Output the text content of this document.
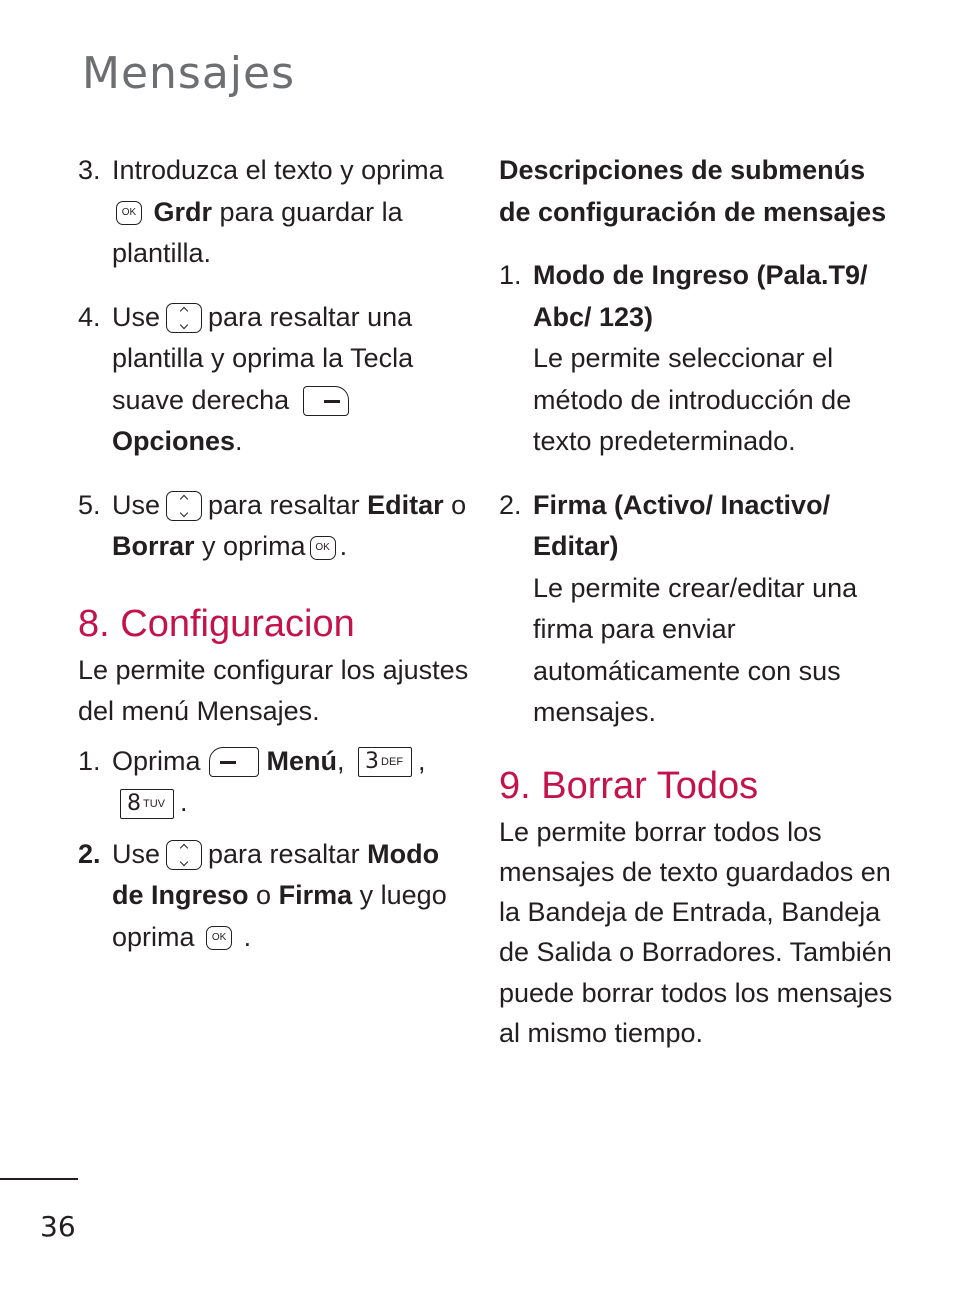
Mensajes
3. Introduzca el texto y oprima OK Grdr para guardar la plantilla.

4. Use para resaltar una plantilla y oprima la Tecla suave derecha  Opciones.

5. Use para resaltar Editar o Borrar y oprima OK .

8. Configuracion

Le permite configurar los ajustes del menú Mensajes.

1. Oprima Menú, 3 DEF , 8 TUV .

2. Use para resaltar Modo de Ingreso o Firma y luego oprima OK .

Descripciones de submenús de configuración de mensajes

1. Modo de Ingreso (Pala.T9/ Abc/ 123)

Le permite seleccionar el método de introducción de texto predeterminado.

2. Firma (Activo/ Inactivo/ Editar)

Le permite crear/editar una firma para enviar automáticamente con sus mensajes.

9. Borrar Todos

Le permite borrar todos los mensajes de texto guardados en la Bandeja de Entrada, Bandeja de Salida o Borradores. También puede borrar todos los mensajes al mismo tiempo.

36
